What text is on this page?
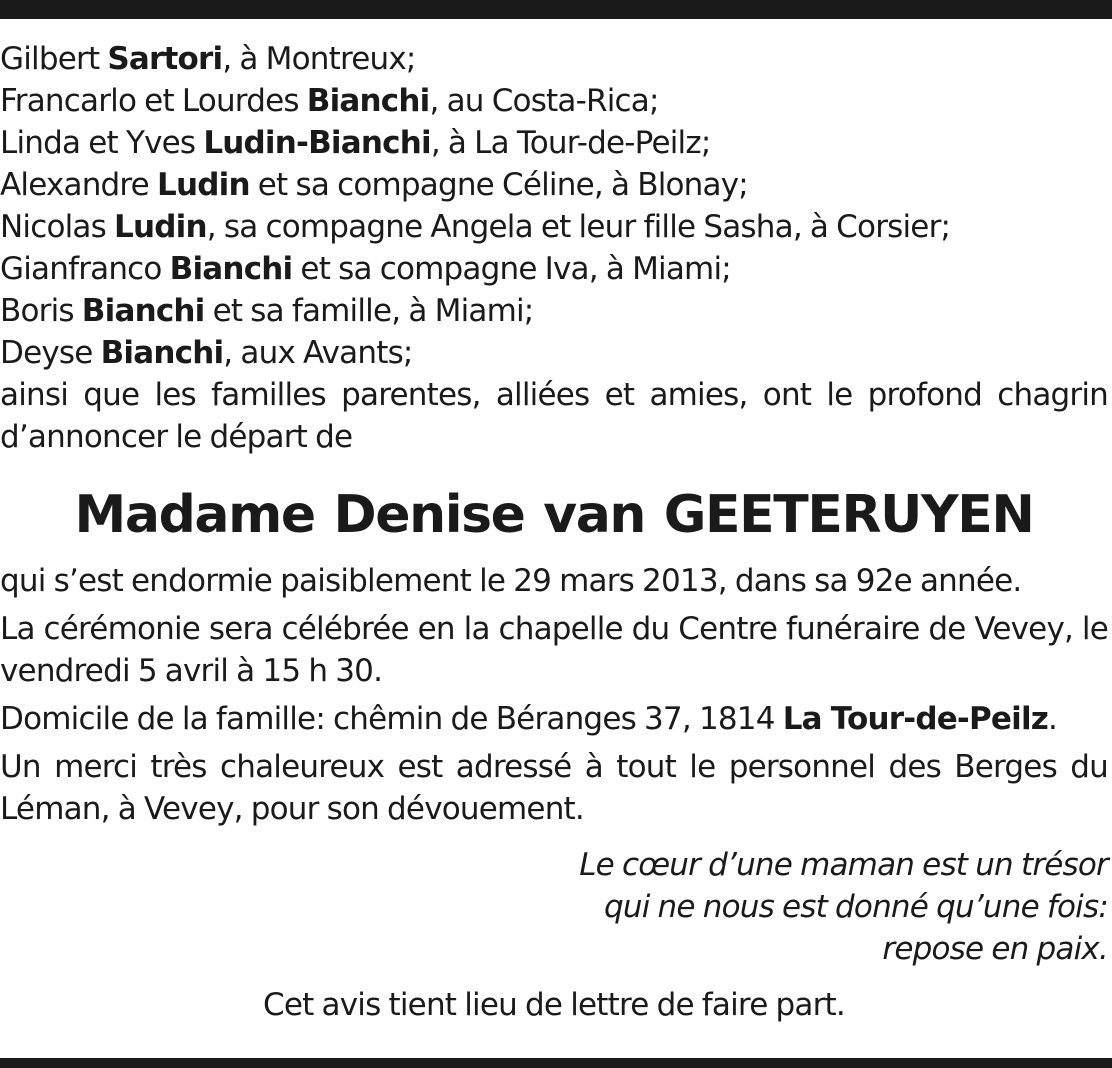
Gilbert Sartori, à Montreux;
Francarlo et Lourdes Bianchi, au Costa-Rica;
Linda et Yves Ludin-Bianchi, à La Tour-de-Peilz;
Alexandre Ludin et sa compagne Céline, à Blonay;
Nicolas Ludin, sa compagne Angela et leur fille Sasha, à Corsier;
Gianfranco Bianchi et sa compagne Iva, à Miami;
Boris Bianchi et sa famille, à Miami;
Deyse Bianchi, aux Avants;
ainsi que les familles parentes, alliées et amies, ont le profond chagrin d’annoncer le départ de
Madame Denise van GEETERUYEN
qui s’est endormie paisiblement le 29 mars 2013, dans sa 92e année.
La cérémonie sera célébrée en la chapelle du Centre funéraire de Vevey, le vendredi 5 avril à 15 h 30.
Domicile de la famille: chêmin de Béranges 37, 1814 La Tour-de-Peilz.
Un merci très chaleureux est adressé à tout le personnel des Berges du Léman, à Vevey, pour son dévouement.
Le cœur d’une maman est un trésor
qui ne nous est donné qu’une fois:
repose en paix.
Cet avis tient lieu de lettre de faire part.
